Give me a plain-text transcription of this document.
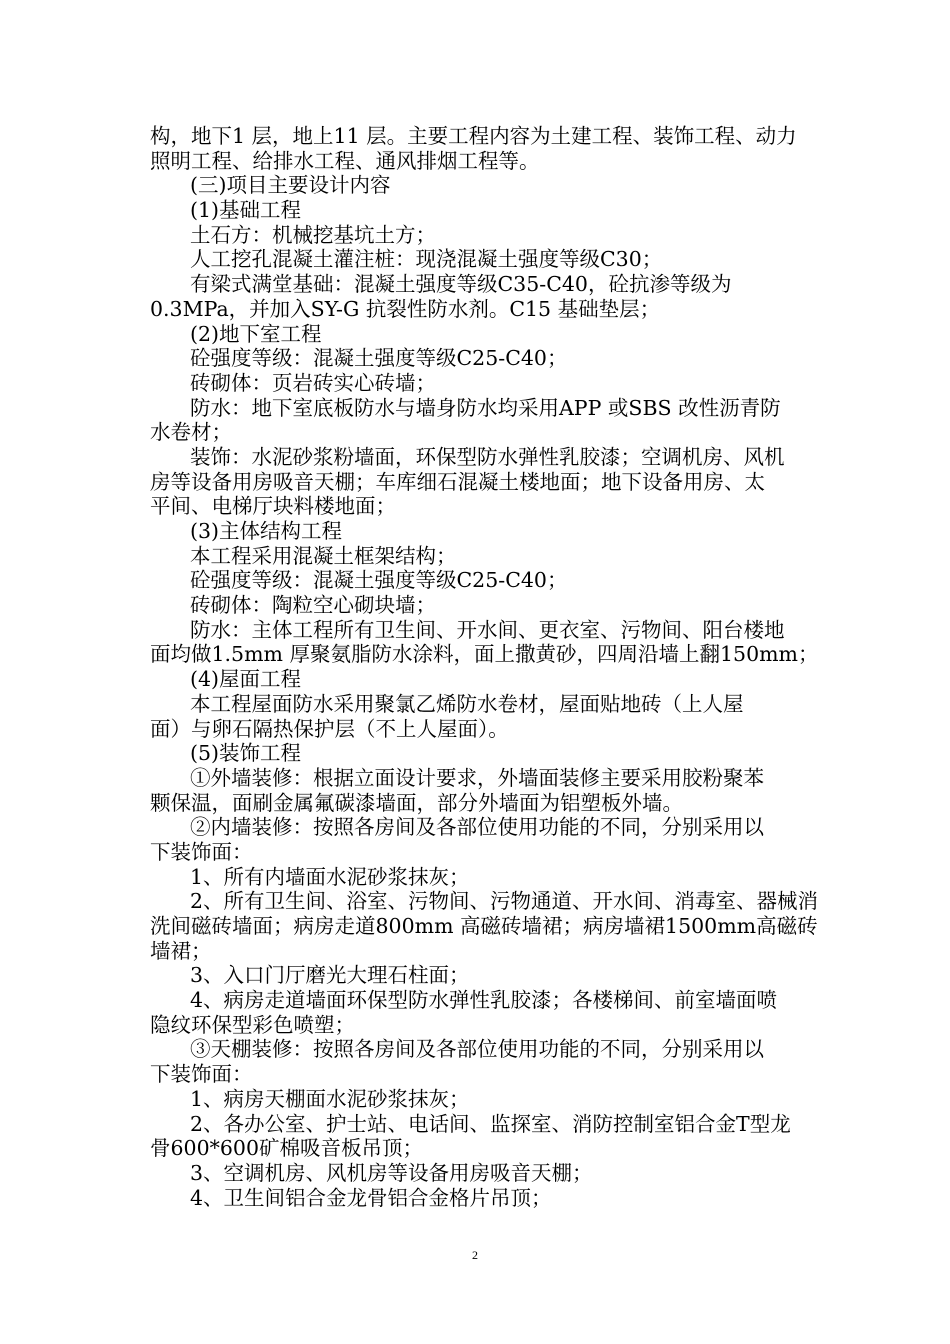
构，地下1 层，地上11 层。主要工程内容为土建工程、装饰工程、动力
照明工程、给排水工程、通风排烟工程等。
(三)项目主要设计内容
(1)基础工程
土石方：机械挖基坑土方；
人工挖孔混凝土灌注桩：现浇混凝土强度等级C30；
有梁式满堂基础：混凝土强度等级C35-C40，砼抗渗等级为
0.3MPa，并加入SY-G 抗裂性防水剂。C15 基础垫层；
(2)地下室工程
砼强度等级：混凝土强度等级C25-C40；
砖砌体：页岩砖实心砖墙；
防水：地下室底板防水与墙身防水均采用APP 或SBS 改性沥青防
水卷材；
装饰：水泥砂浆粉墙面，环保型防水弹性乳胶漆；空调机房、风机
房等设备用房吸音天棚；车库细石混凝土楼地面；地下设备用房、太
平间、电梯厅块料楼地面；
(3)主体结构工程
本工程采用混凝土框架结构；
砼强度等级：混凝土强度等级C25-C40；
砖砌体：陶粒空心砌块墙；
防水：主体工程所有卫生间、开水间、更衣室、污物间、阳台楼地
面均做1.5mm 厚聚氨脂防水涂料，面上撒黄砂，四周沿墙上翻150mm；
(4)屋面工程
本工程屋面防水采用聚氯乙烯防水卷材，屋面贴地砖（上人屋
面）与卵石隔热保护层（不上人屋面）。
(5)装饰工程
①外墙装修：根据立面设计要求，外墙面装修主要采用胶粉聚苯
颗保温，面刷金属氟碳漆墙面，部分外墙面为铝塑板外墙。
②内墙装修：按照各房间及各部位使用功能的不同，分别采用以
下装饰面：
1、所有内墙面水泥砂浆抹灰；
2、所有卫生间、浴室、污物间、污物通道、开水间、消毒室、器械消
洗间磁砖墙面；病房走道800mm 高磁砖墙裙；病房墙裙1500mm高磁砖
墙裙；
3、入口门厅磨光大理石柱面；
4、病房走道墙面环保型防水弹性乳胶漆；各楼梯间、前室墙面喷
隐纹环保型彩色喷塑；
③天棚装修：按照各房间及各部位使用功能的不同，分别采用以
下装饰面：
1、病房天棚面水泥砂浆抹灰；
2、各办公室、护士站、电话间、监探室、消防控制室铝合金T型龙
骨600*600矿棉吸音板吊顶；
3、空调机房、风机房等设备用房吸音天棚；
4、卫生间铝合金龙骨铝合金格片吊顶；
2
